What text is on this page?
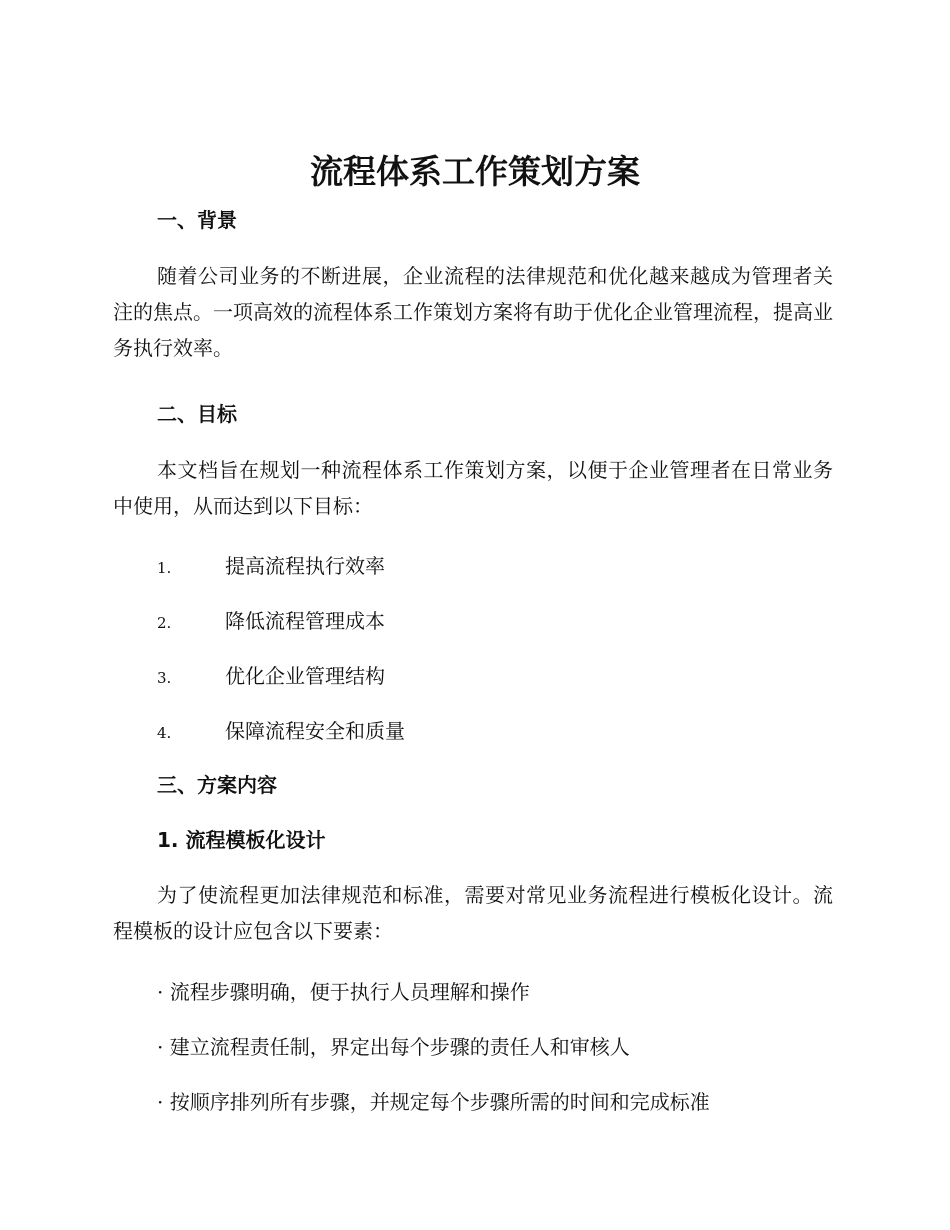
流程体系工作策划方案
一、背景

随着公司业务的不断进展，企业流程的法律规范和优化越来越成为管理者关注的焦点。一项高效的流程体系工作策划方案将有助于优化企业管理流程，提高业务执行效率。

二、目标

本文档旨在规划一种流程体系工作策划方案，以便于企业管理者在日常业务中使用，从而达到以下目标：

1.	提高流程执行效率
2.	降低流程管理成本
3.	优化企业管理结构
4.	保障流程安全和质量
三、方案内容
1. 流程模板化设计

为了使流程更加法律规范和标准，需要对常见业务流程进行模板化设计。流程模板的设计应包含以下要素：

· 流程步骤明确，便于执行人员理解和操作
· 建立流程责任制，界定出每个步骤的责任人和审核人
· 按顺序排列所有步骤，并规定每个步骤所需的时间和完成标准
